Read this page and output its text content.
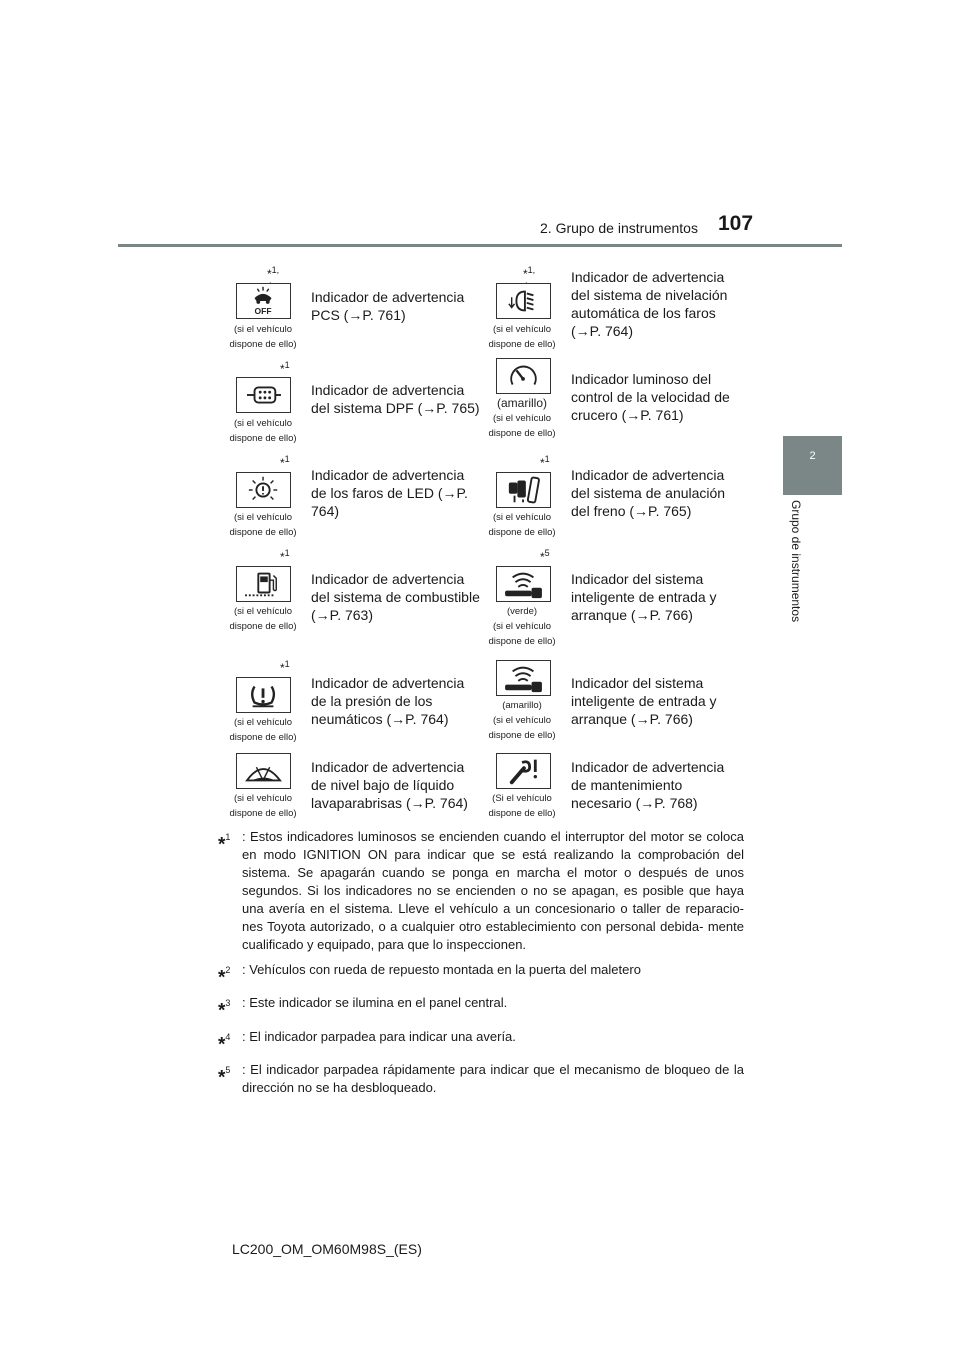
2. Grupo de instrumentos 107
2
Grupo de instrumentos
*$^{1,}$
OFF
(si el vehículo
dispone de ello)
Indicador de advertencia PCS (→P. 761)
*$^{1,}$
(si el vehículo
dispone de ello)
Indicador de advertencia del sistema de nivelación automática de los faros (→P. 764)
*$^1$
(si el vehículo
dispone de ello)
Indicador de advertencia del sistema DPF (→P. 765)	(amarillo)
(si el vehículo
dispone de ello)
Indicador luminoso del control de la velocidad de crucero (→P. 761)
*$^1$
(si el vehículo
dispone de ello)
Indicador de advertencia de los faros de LED (→P. 764)
*$^1$
(si el vehículo
dispone de ello)
Indicador de advertencia del sistema de anulación del freno (→P. 765)
*$^1$
(si el vehículo
dispone de ello)
Indicador de advertencia del sistema de combustible (→P. 763)
*$^5$
(verde)
(si el vehículo
dispone de ello)
Indicador del sistema inteligente de entrada y arranque (→P. 766)
*$^1$
(si el vehículo
dispone de ello)
Indicador de advertencia de la presión de los neumáticos (→P. 764)
(amarillo)
(si el vehículo
dispone de ello)
Indicador del sistema inteligente de entrada y arranque (→P. 766)
(si el vehículo
dispone de ello)
Indicador de advertencia de nivel bajo de líquido lavaparabrisas (→P. 764)	(Si el vehículo
dispone de ello)
Indicador de advertencia de mantenimiento necesario (→P. 768)
*$^1$ : Estos indicadores luminosos se encienden cuando el interruptor del motor se coloca en modo IGNITION ON para indicar que se está realizando la comprobación del sistema. Se apagarán cuando se ponga en marcha el motor o después de unos segundos. Si los indicadores no se encienden o no se apagan, es posible que haya una avería en el sistema. Lleve el vehículo a un concesionario o taller de reparacio- nes Toyota autorizado, o a cualquier otro establecimiento con personal debida- mente cualificado y equipado, para que lo inspeccionen.
*$^2$ : Vehículos con rueda de repuesto montada en la puerta del maletero
*$^3$ : Este indicador se ilumina en el panel central.
*$^4$ : El indicador parpadea para indicar una avería.
*$^5$ : El indicador parpadea rápidamente para indicar que el mecanismo de bloqueo de la dirección no se ha desbloqueado.
LC200_OM_OM60M98S_(ES)
